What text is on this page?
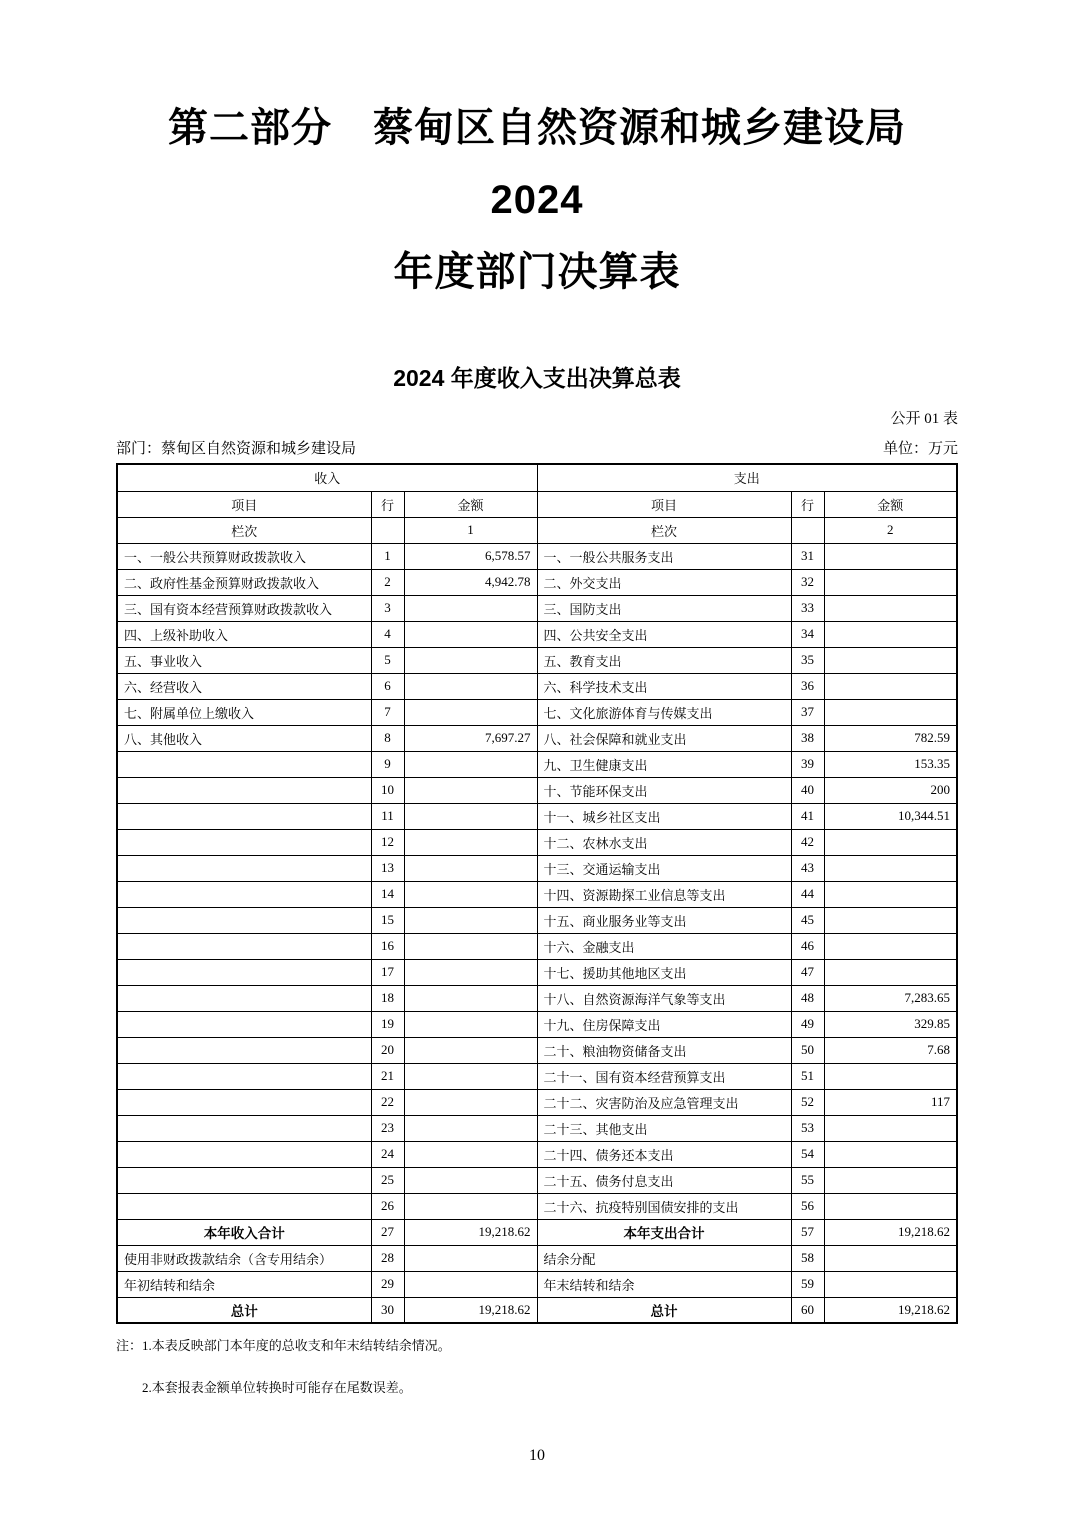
第二部分　蔡甸区自然资源和城乡建设局 2024
年度部门决算表
2024 年度收入支出决算总表
公开 01 表
部门：蔡甸区自然资源和城乡建设局	单位：万元
收入			支出		
项目	行	金额	项目	行	金额
栏次		1	栏次		2
一、一般公共预算财政拨款收入	1	6,578.57	一、一般公共服务支出	31	
二、政府性基金预算财政拨款收入	2	4,942.78	二、外交支出	32	
三、国有资本经营预算财政拨款收入	3		三、国防支出	33	
四、上级补助收入	4		四、公共安全支出	34	
五、事业收入	5		五、教育支出	35	
六、经营收入	6		六、科学技术支出	36	
七、附属单位上缴收入	7		七、文化旅游体育与传媒支出	37	
八、其他收入	8	7,697.27	八、社会保障和就业支出	38	782.59
	9		九、卫生健康支出	39	153.35
	10		十、节能环保支出	40	200
	11		十一、城乡社区支出	41	10,344.51
	12		十二、农林水支出	42	
	13		十三、交通运输支出	43	
	14		十四、资源勘探工业信息等支出	44	
	15		十五、商业服务业等支出	45	
	16		十六、金融支出	46	
	17		十七、援助其他地区支出	47	
	18		十八、自然资源海洋气象等支出	48	7,283.65
	19		十九、住房保障支出	49	329.85
	20		二十、粮油物资储备支出	50	7.68
	21		二十一、国有资本经营预算支出	51	
	22		二十二、灾害防治及应急管理支出	52	117
	23		二十三、其他支出	53	
	24		二十四、债务还本支出	54	
	25		二十五、债务付息支出	55	
	26		二十六、抗疫特别国债安排的支出	56	
本年收入合计	27	19,218.62	本年支出合计	57	19,218.62
使用非财政拨款结余（含专用结余）	28		结余分配	58	
年初结转和结余	29		年末结转和结余	59	
总计	30	19,218.62	总计	60	19,218.62
注：1.本表反映部门本年度的总收支和年末结转结余情况。
2.本套报表金额单位转换时可能存在尾数误差。
10
